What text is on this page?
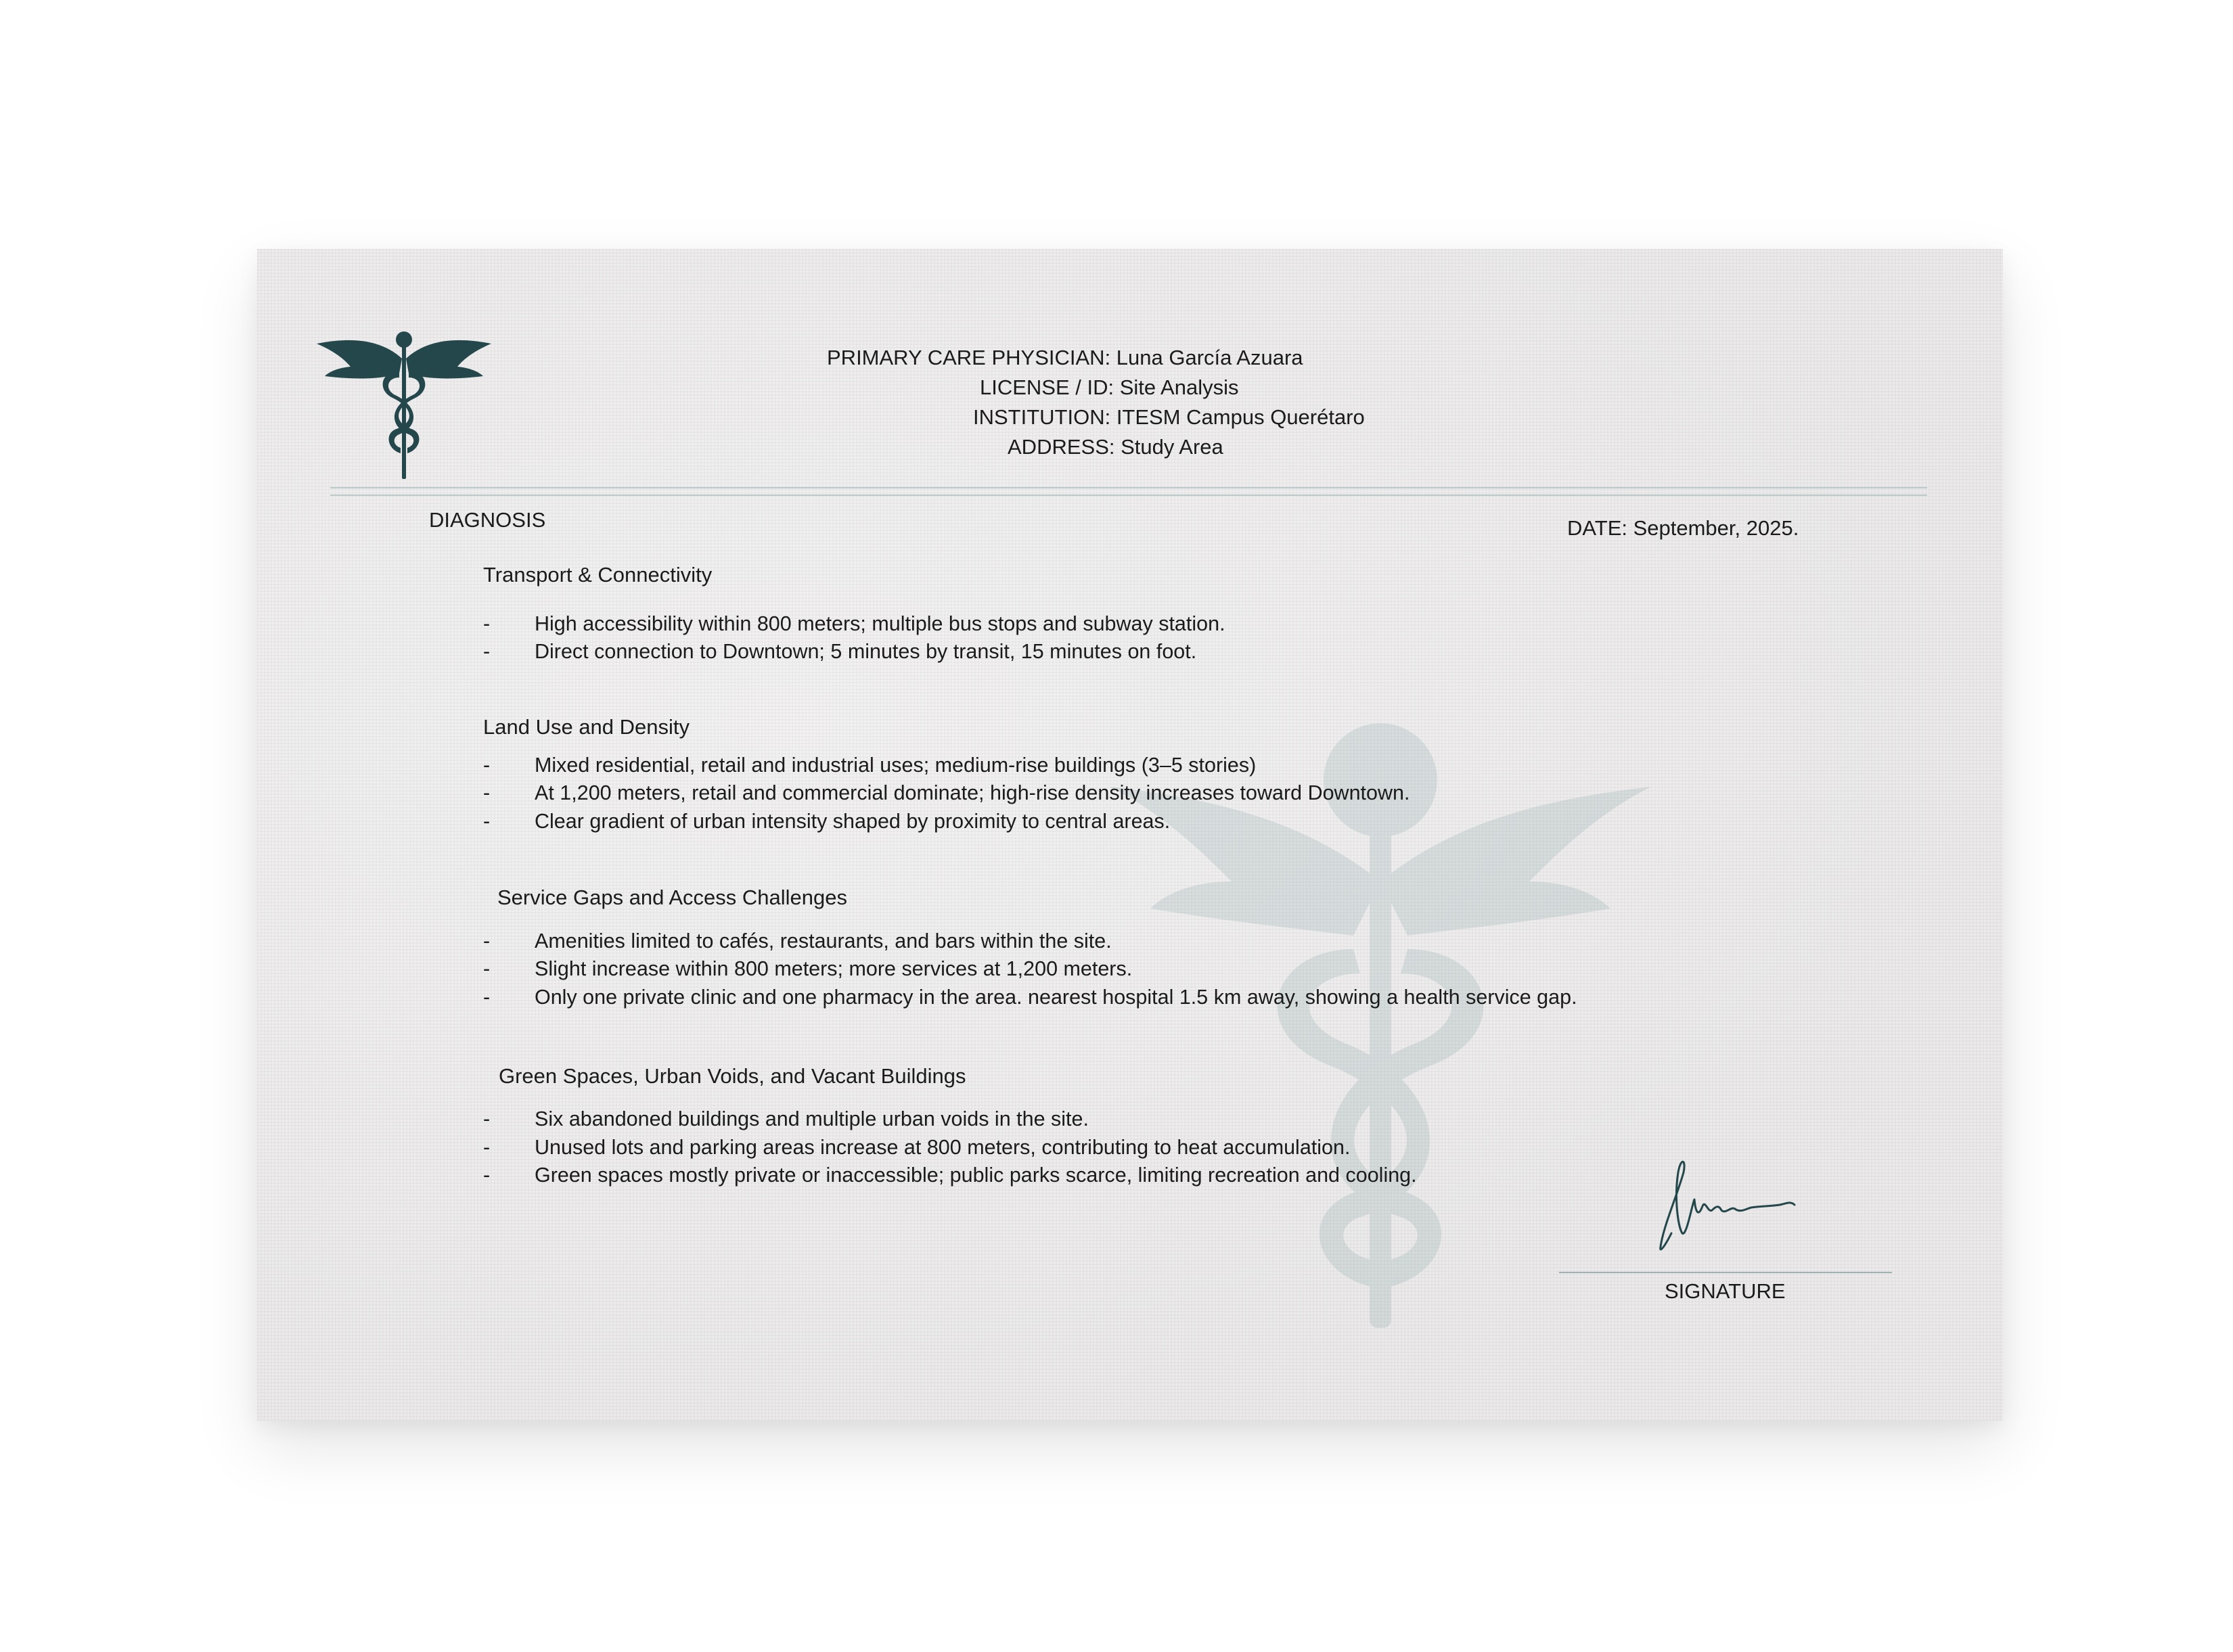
PRIMARY CARE PHYSICIAN: Luna García Azuara
LICENSE / ID: Site Analysis
INSTITUTION: ITESM Campus Querétaro
ADDRESS: Study Area
DIAGNOSIS	DATE: September, 2025.
Transport & Connectivity
- High accessibility within 800 meters; multiple bus stops and subway station.
- Direct connection to Downtown; 5 minutes by transit, 15 minutes on foot.
Land Use and Density
- Mixed residential, retail and industrial uses; medium-rise buildings (3–5 stories)
- At 1,200 meters, retail and commercial dominate; high-rise density increases toward Downtown.
- Clear gradient of urban intensity shaped by proximity to central areas.
Service Gaps and Access Challenges
- Amenities limited to cafés, restaurants, and bars within the site.
- Slight increase within 800 meters; more services at 1,200 meters.
- Only one private clinic and one pharmacy in the area. nearest hospital 1.5 km away, showing a health service gap.
Green Spaces, Urban Voids, and Vacant Buildings
- Six abandoned buildings and multiple urban voids in the site.
- Unused lots and parking areas increase at 800 meters, contributing to heat accumulation.
- Green spaces mostly private or inaccessible; public parks scarce, limiting recreation and cooling.
SIGNATURE
